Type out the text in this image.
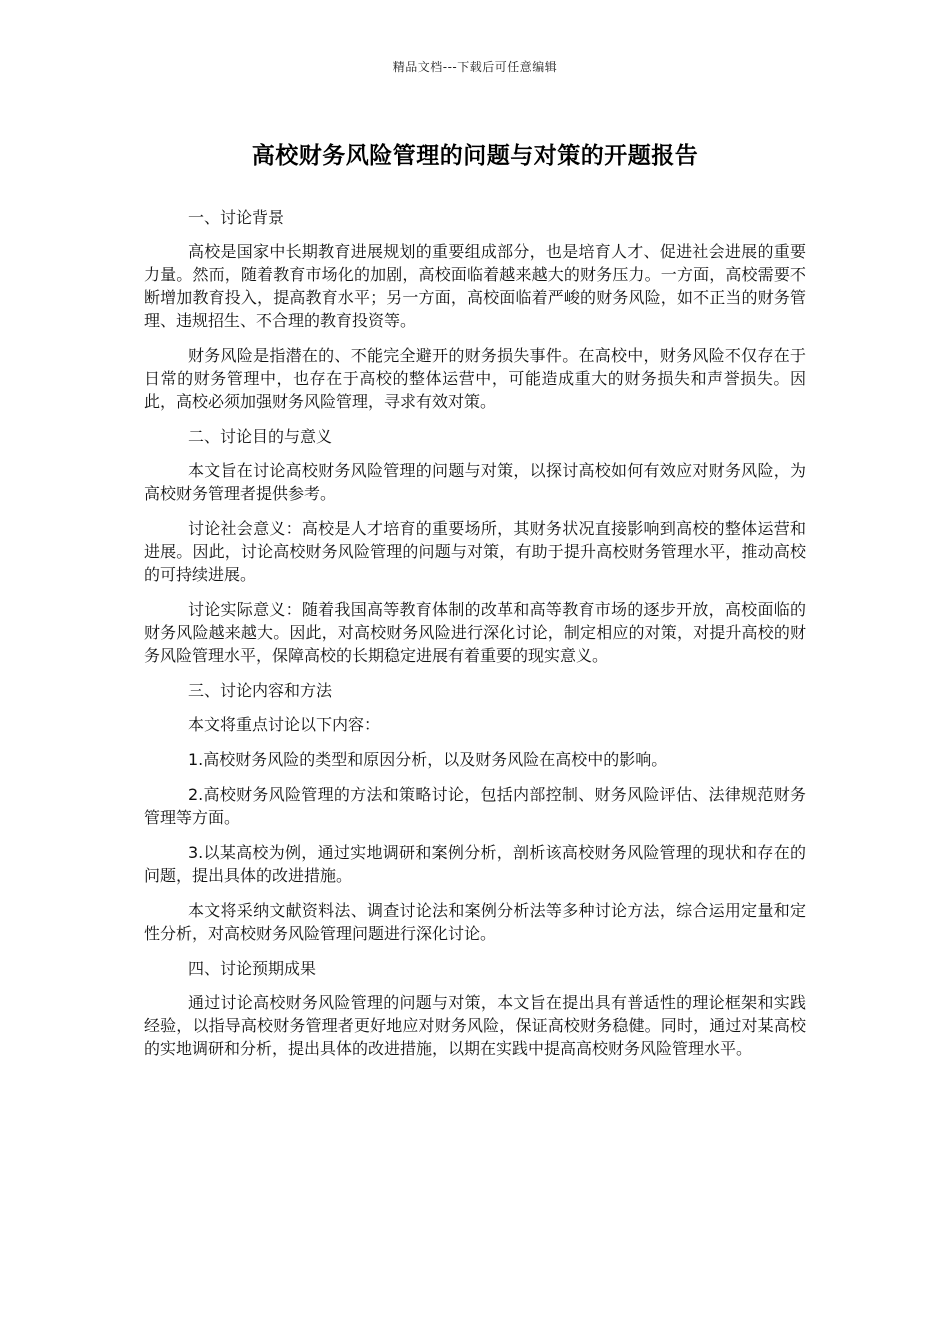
精品文档---下载后可任意编辑
高校财务风险管理的问题与对策的开题报告

一、讨论背景

高校是国家中长期教育进展规划的重要组成部分，也是培育人才、促进社会进展的重要力量。然而，随着教育市场化的加剧，高校面临着越来越大的财务压力。一方面，高校需要不断增加教育投入，提高教育水平；另一方面，高校面临着严峻的财务风险，如不正当的财务管理、违规招生、不合理的教育投资等。

财务风险是指潜在的、不能完全避开的财务损失事件。在高校中，财务风险不仅存在于日常的财务管理中，也存在于高校的整体运营中，可能造成重大的财务损失和声誉损失。因此，高校必须加强财务风险管理，寻求有效对策。

二、讨论目的与意义

本文旨在讨论高校财务风险管理的问题与对策，以探讨高校如何有效应对财务风险，为高校财务管理者提供参考。

讨论社会意义：高校是人才培育的重要场所，其财务状况直接影响到高校的整体运营和进展。因此，讨论高校财务风险管理的问题与对策，有助于提升高校财务管理水平，推动高校的可持续进展。

讨论实际意义：随着我国高等教育体制的改革和高等教育市场的逐步开放，高校面临的财务风险越来越大。因此，对高校财务风险进行深化讨论，制定相应的对策，对提升高校的财务风险管理水平，保障高校的长期稳定进展有着重要的现实意义。

三、讨论内容和方法

本文将重点讨论以下内容：

1.高校财务风险的类型和原因分析，以及财务风险在高校中的影响。

2.高校财务风险管理的方法和策略讨论，包括内部控制、财务风险评估、法律规范财务管理等方面。

3.以某高校为例，通过实地调研和案例分析，剖析该高校财务风险管理的现状和存在的问题，提出具体的改进措施。

本文将采纳文献资料法、调查讨论法和案例分析法等多种讨论方法，综合运用定量和定性分析，对高校财务风险管理问题进行深化讨论。

四、讨论预期成果

通过讨论高校财务风险管理的问题与对策，本文旨在提出具有普适性的理论框架和实践经验，以指导高校财务管理者更好地应对财务风险，保证高校财务稳健。同时，通过对某高校的实地调研和分析，提出具体的改进措施，以期在实践中提高高校财务风险管理水平。
